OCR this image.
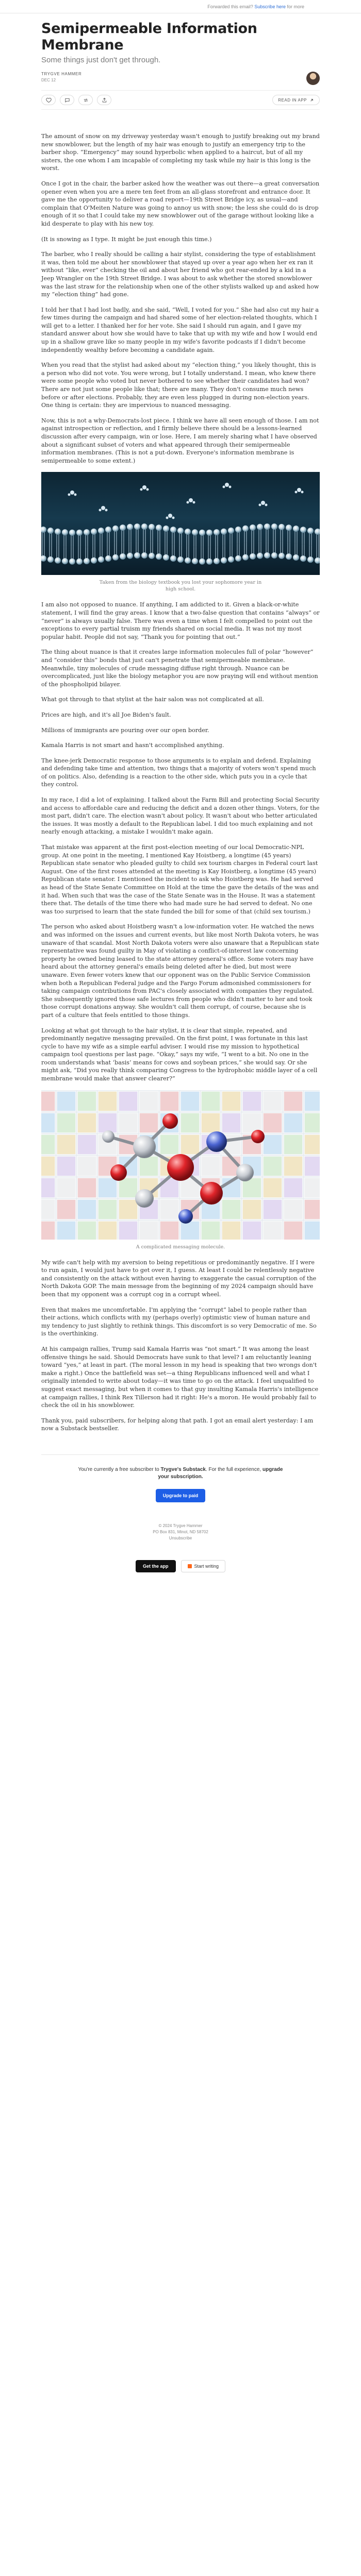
Forwarded this email?
Subscribe here
for more
Semipermeable Information Membrane
Some things just don't get through.
TRYGVE HAMMER
DEC 12
READ IN APP

The amount of snow on my driveway yesterday wasn't enough to justify breaking out my brand new snowblower, but the length of my hair was enough to justify an emergency trip to the barber shop. “Emergency” may sound hyperbolic when applied to a haircut, but of all my sisters, the one whom I am incapable of completing my task while my hair is this long is the worst.

Once I got in the chair, the barber asked how the weather was out there—a great conversation opener even when you are a mere ten feet from an all-glass storefront and entrance door. It gave me the opportunity to deliver a road report—19th Street Bridge icy, as usual—and complain that O'Meiten Nature was going to annoy us with snow; the less she could do is drop enough of it so that I could take my new snowblower out of the garage without looking like a kid desperate to play with his new toy.

(It is snowing as I type. It might be just enough this time.)

The barber, who I really should be calling a hair stylist, considering the type of establishment it was, then told me about her snowblower that stayed up over a year ago when her ex ran it without “like, ever” checking the oil and about her friend who got rear-ended by a kid in a Jeep Wrangler on the 19th Street Bridge. I was about to ask whether the stored snowblower was the last straw for the relationship when one of the other stylists walked up and asked how my “election thing” had gone.

I told her that I had lost badly, and she said, “Well, I voted for you.” She had also cut my hair a few times during the campaign and had shared some of her election-related thoughts, which I will get to a letter. I thanked her for her vote. She said I should run again, and I gave my standard answer about how she would have to take that up with my wife and how I would end up in a shallow grave like so many people in my wife's favorite podcasts if I didn't become independently wealthy before becoming a candidate again.

When you read that the stylist had asked about my “election thing,” you likely thought, this is a person who did not vote. You were wrong, but I totally understand. I mean, who knew there were some people who voted but never bothered to see whether their candidates had won? There are not just some people like that; there are many. They don't consume much news before or after elections. Probably, they are even less plugged in during non-election years. One thing is certain: they are impervious to nuanced messaging.

Now, this is not a why-Democrats-lost piece. I think we have all seen enough of those. I am not against introspection or reflection, and I firmly believe there should be a lessons-learned discussion after every campaign, win or lose. Here, I am merely sharing what I have observed about a significant subset of voters and what appeared through their semipermeable information membranes. (This is not a put-down. Everyone's information membrane is semipermeable to some extent.)

Taken from the biology textbook you lost your sophomore year in high school.

I am also not opposed to nuance. If anything, I am addicted to it. Given a black-or-white statement, I will find the gray areas. I know that a two-false question that contains “always” or “never” is always usually false. There was even a time when I felt compelled to point out the exceptions to every partial truism my friends shared on social media. It was not my most popular habit. People did not say, “Thank you for pointing that out.”

The thing about nuance is that it creates large information molecules full of polar “however” and “consider this” bonds that just can't penetrate that semipermeable membrane. Meanwhile, tiny molecules of crude messaging diffuse right through. Nuance can be overcomplicated, just like the biology metaphor you are now praying will end without mention of the phospholipid bilayer.

What got through to that stylist at the hair salon was not complicated at all.

Prices are high, and it's all Joe Biden's fault.

Millions of immigrants are pouring over our open border.

Kamala Harris is not smart and hasn't accomplished anything.

The knee-jerk Democratic response to those arguments is to explain and defend. Explaining and defending take time and attention, two things that a majority of voters won't spend much of on politics. Also, defending is a reaction to the other side, which puts you in a cycle that they control.

In my race, I did a lot of explaining. I talked about the Farm Bill and protecting Social Security and access to affordable care and reducing the deficit and a dozen other things. Voters, for the most part, didn't care. The election wasn't about policy. It wasn't about who better articulated the issues. It was mostly a default to the Republican label. I did too much explaining and not nearly enough attacking, a mistake I wouldn't make again.

That mistake was apparent at the first post-election meeting of our local Democratic-NPL group. At one point in the meeting, I mentioned Kay Hoistberg, a longtime (45 years) Republican state senator who pleaded guilty to child sex tourism charges in Federal court last August. One of the first roses attended at the meeting is Kay Hoistberg, a longtime (45 years) Republican state senator. I mentioned the incident to ask who Hoistberg was. He had served as head of the State Senate Committee on Hold at the time the gave the details of the was and it had. When such that was the case of the State Senate was in the House. It was a statement there that. The details of the time there who had made sure he had served to defeat. No one was too surprised to learn that the state funded the bill for some of that (child sex tourism.)

The person who asked about Hoistberg wasn't a low-information voter. He watched the news and was informed on the issues and current events, but like most North Dakota voters, he was unaware of that scandal. Most North Dakota voters were also unaware that a Republican state representative was found guilty in May of violating a conflict-of-interest law concerning property he owned being leased to the state attorney general's office. Some voters may have heard about the attorney general's emails being deleted after he died, but most were unaware. Even fewer voters knew that our opponent was on the Public Service Commission when both a Republican Federal judge and the Fargo Forum admonished commissioners for taking campaign contributions from PAC's closely associated with companies they regulated. She subsequently ignored those safe lectures from people who didn't matter to her and took those corrupt donations anyway. She wouldn't call them corrupt, of course, because she is part of a culture that feels entitled to those things.

Looking at what got through to the hair stylist, it is clear that simple, repeated, and predominantly negative messaging prevailed. On the first point, I was fortunate in this last cycle to have my wife as a simple earful adviser. I would rise my mission to hypothetical campaign tool questions per last page. “Okay,” says my wife, “I went to a bit. No one in the room understands what ‘basis’ means for cows and soybean prices,” she would say. Or she might ask, “Did you really think comparing Congress to the hydrophobic middle layer of a cell membrane would make that answer clearer?”

A complicated messaging molecule.

My wife can't help with my aversion to being repetitious or predominantly negative. If I were to run again, I would just have to get over it, I guess. At least I could be relentlessly negative and consistently on the attack without even having to exaggerate the casual corruption of the North Dakota GOP. The main message from the beginning of my 2024 campaign should have been that my opponent was a corrupt cog in a corrupt wheel.

Even that makes me uncomfortable. I'm applying the “corrupt” label to people rather than their actions, which conflicts with my (perhaps overly) optimistic view of human nature and my tendency to just slightly to rethink things. This discomfort is so very Democratic of me. So is the overthinking.

At his campaign rallies, Trump said Kamala Harris was “not smart.” It was among the least offensive things he said. Should Democrats have sunk to that level? I am reluctantly leaning toward “yes,” at least in part. (The moral lesson in my head is speaking that two wrongs don't make a right.) Once the battlefield was set—a thing Republicans influenced well and what I originally intended to write about today—it was time to go on the attack. I feel unqualified to suggest exact messaging, but when it comes to that guy insulting Kamala Harris's intelligence at campaign rallies, I think Rex Tillerson had it right: He's a moron. He would probably fail to check the oil in his snowblower.

Thank you, paid subscribers, for helping along that path. I got an email alert yesterday: I am now a Substack bestseller.

You're currently a free subscriber to Trygve's Substack. For the full experience, upgrade your subscription.
Upgrade to paid
© 2024 Trygve Hammer
PO Box 831, Minot, ND 58702
Unsubscribe
Get the app	Start writing
